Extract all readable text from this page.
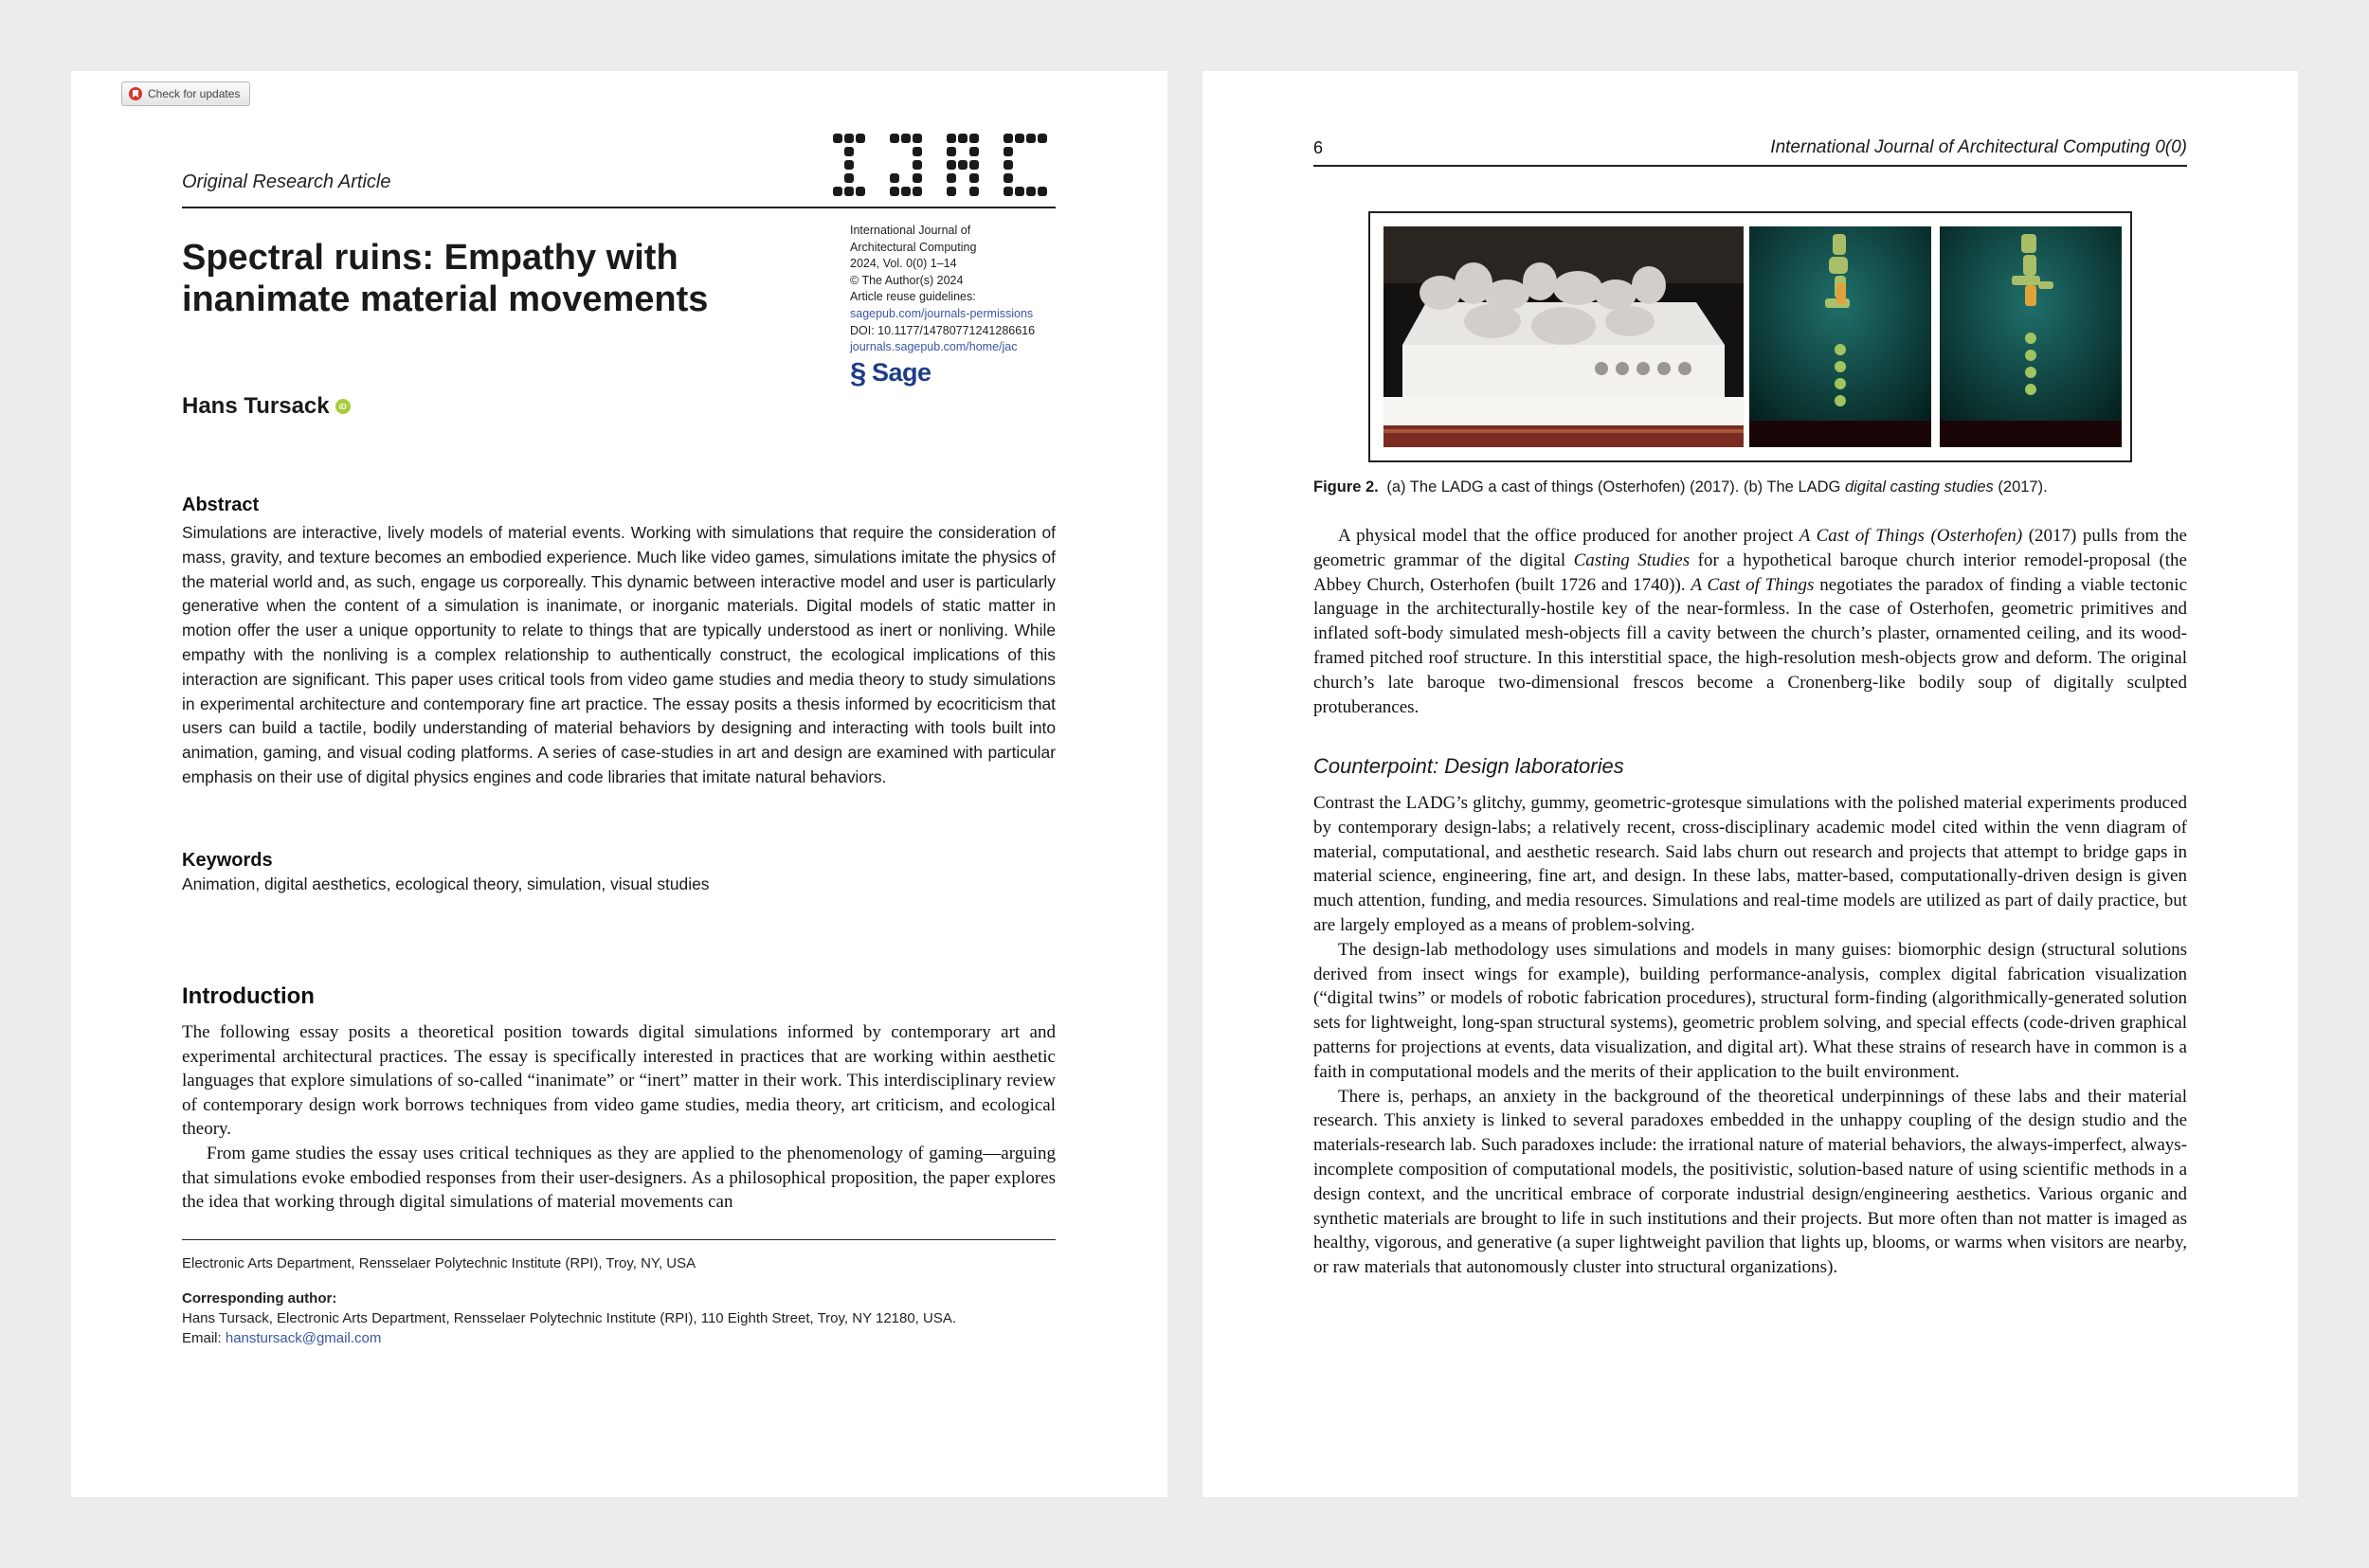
Check for updates
Original Research Article
International Journal of
Architectural Computing
2024, Vol. 0(0) 1–14
© The Author(s) 2024
Article reuse guidelines:
sagepub.com/journals-permissions
DOI: 10.1177/14780771241286616
journals.sagepub.com/home/jac
§ Sage
Spectral ruins: Empathy with
inanimate material movements
Hans Tursack	iD
Abstract

Simulations are interactive, lively models of material events. Working with simulations that require the consideration of mass, gravity, and texture becomes an embodied experience. Much like video games, simulations imitate the physics of the material world and, as such, engage us corporeally. This dynamic between interactive model and user is particularly generative when the content of a simulation is inanimate, or inorganic materials. Digital models of static matter in motion offer the user a unique opportunity to relate to things that are typically understood as inert or nonliving. While empathy with the nonliving is a complex relationship to authentically construct, the ecological implications of this interaction are significant. This paper uses critical tools from video game studies and media theory to study simulations in experimental architecture and contemporary fine art practice. The essay posits a thesis informed by ecocriticism that users can build a tactile, bodily understanding of material behaviors by designing and interacting with tools built into animation, gaming, and visual coding platforms. A series of case-studies in art and design are examined with particular emphasis on their use of digital physics engines and code libraries that imitate natural behaviors.

Keywords
Animation, digital aesthetics, ecological theory, simulation, visual studies
Introduction

The following essay posits a theoretical position towards digital simulations informed by contemporary art and experimental architectural practices. The essay is specifically interested in practices that are working within aesthetic languages that explore simulations of so-called “inanimate” or “inert” matter in their work. This interdisciplinary review of contemporary design work borrows techniques from video game studies, media theory, art criticism, and ecological theory.

From game studies the essay uses critical techniques as they are applied to the phenomenology of gaming—arguing that simulations evoke embodied responses from their user-designers. As a philosophical proposition, the paper explores the idea that working through digital simulations of material movements can

Electronic Arts Department, Rensselaer Polytechnic Institute (RPI), Troy, NY, USA
Corresponding author:
Hans Tursack, Electronic Arts Department, Rensselaer Polytechnic Institute (RPI), 110 Eighth Street, Troy, NY 12180, USA.
Email: hanstursack@gmail.com
6	International Journal of Architectural Computing 0(0)
Figure 2. (a) The LADG a cast of things (Osterhofen) (2017). (b) The LADG digital casting studies (2017).
A physical model that the office produced for another project A Cast of Things (Osterhofen) (2017) pulls from the geometric grammar of the digital Casting Studies for a hypothetical baroque church interior remodel-proposal (the Abbey Church, Osterhofen (built 1726 and 1740)). A Cast of Things negotiates the paradox of finding a viable tectonic language in the architecturally-hostile key of the near-formless. In the case of Osterhofen, geometric primitives and inflated soft-body simulated mesh-objects fill a cavity between the church’s plaster, ornamented ceiling, and its wood-framed pitched roof structure. In this interstitial space, the high-resolution mesh-objects grow and deform. The original church’s late baroque two-dimensional frescos become a Cronenberg-like bodily soup of digitally sculpted protuberances.
Counterpoint: Design laboratories

Contrast the LADG’s glitchy, gummy, geometric-grotesque simulations with the polished material experiments produced by contemporary design-labs; a relatively recent, cross-disciplinary academic model cited within the venn diagram of material, computational, and aesthetic research. Said labs churn out research and projects that attempt to bridge gaps in material science, engineering, fine art, and design. In these labs, matter-based, computationally-driven design is given much attention, funding, and media resources. Simulations and real-time models are utilized as part of daily practice, but are largely employed as a means of problem-solving.

The design-lab methodology uses simulations and models in many guises: biomorphic design (structural solutions derived from insect wings for example), building performance-analysis, complex digital fabrication visualization (“digital twins” or models of robotic fabrication procedures), structural form-finding (algorithmically-generated solution sets for lightweight, long-span structural systems), geometric problem solving, and special effects (code-driven graphical patterns for projections at events, data visualization, and digital art). What these strains of research have in common is a faith in computational models and the merits of their application to the built environment.

There is, perhaps, an anxiety in the background of the theoretical underpinnings of these labs and their material research. This anxiety is linked to several paradoxes embedded in the unhappy coupling of the design studio and the materials-research lab. Such paradoxes include: the irrational nature of material behaviors, the always-imperfect, always-incomplete composition of computational models, the positivistic, solution-based nature of using scientific methods in a design context, and the uncritical embrace of corporate industrial design/engineering aesthetics. Various organic and synthetic materials are brought to life in such institutions and their projects. But more often than not matter is imaged as healthy, vigorous, and generative (a super lightweight pavilion that lights up, blooms, or warms when visitors are nearby, or raw materials that autonomously cluster into structural organizations).
